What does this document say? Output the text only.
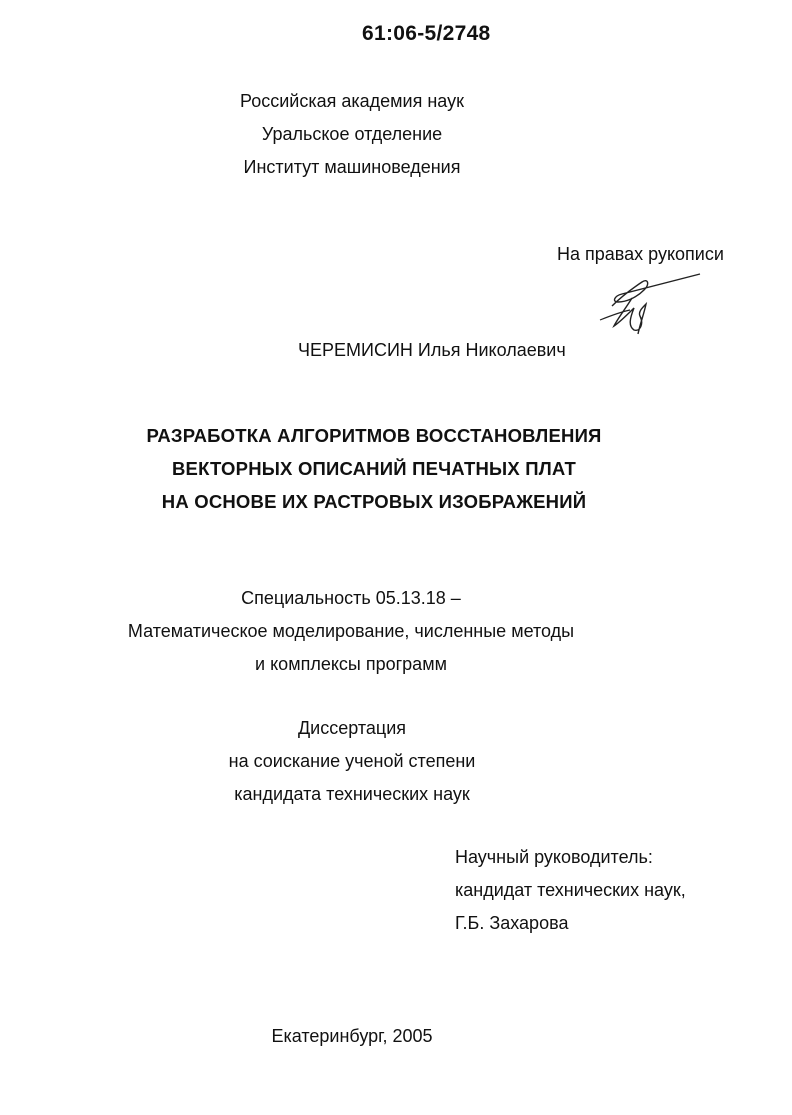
61:06-5/2748
Российская академия наук
Уральское отделение
Институт машиноведения
На правах рукописи
ЧЕРЕМИСИН Илья Николаевич
РАЗРАБОТКА АЛГОРИТМОВ ВОССТАНОВЛЕНИЯ
ВЕКТОРНЫХ ОПИСАНИЙ ПЕЧАТНЫХ ПЛАТ
НА ОСНОВЕ ИХ РАСТРОВЫХ ИЗОБРАЖЕНИЙ
Специальность 05.13.18 –
Математическое моделирование, численные методы
и комплексы программ
Диссертация
на соискание ученой степени
кандидата технических наук
Научный руководитель:
кандидат технических наук,
Г.Б. Захарова
Екатеринбург, 2005
